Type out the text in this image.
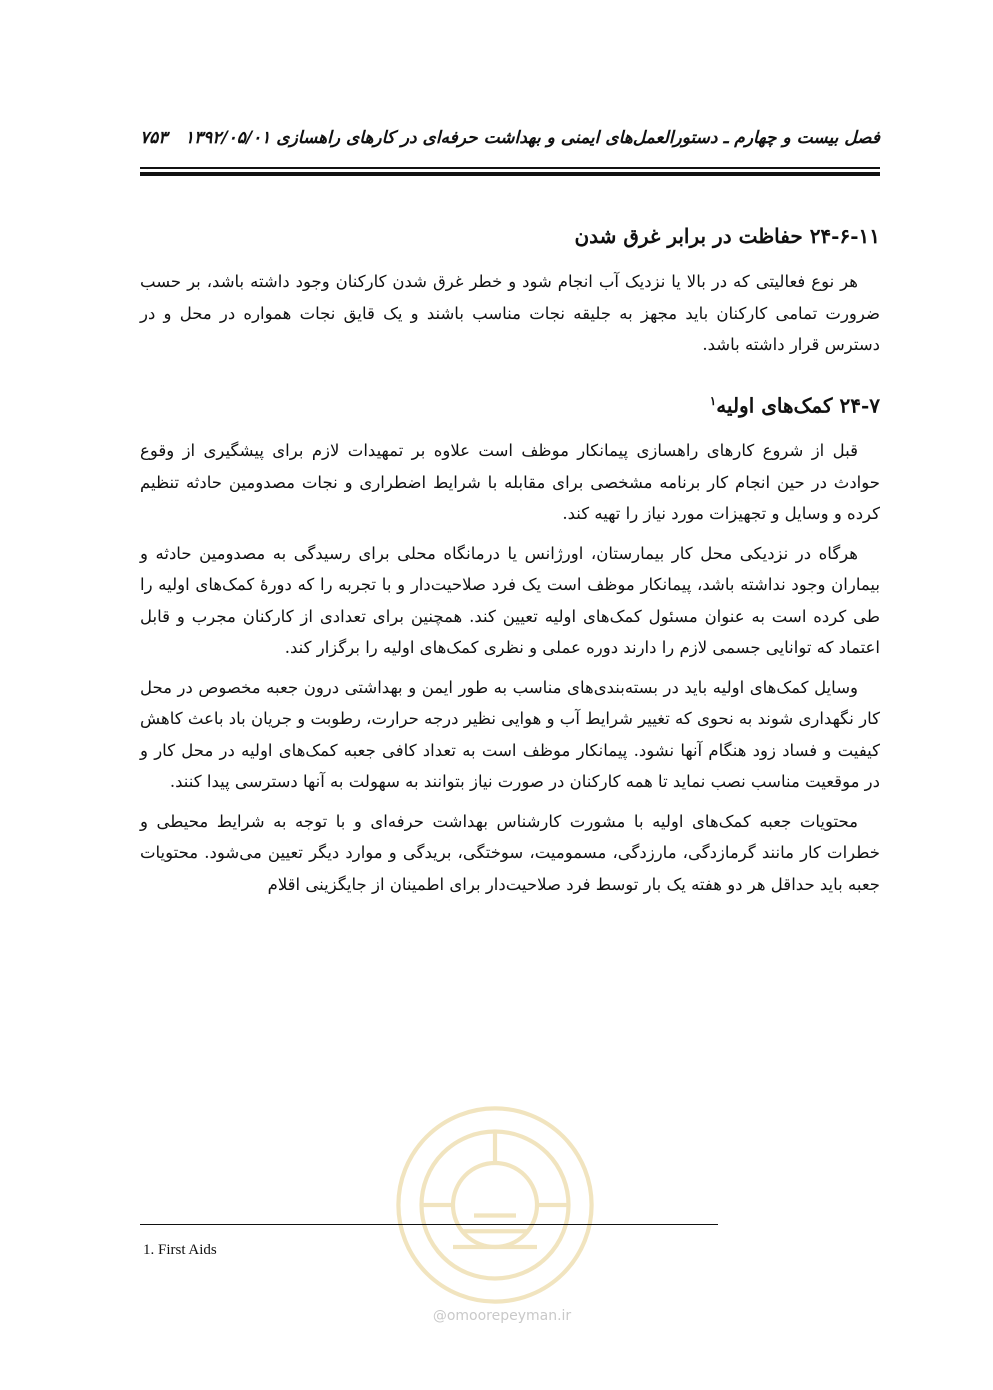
فصل بیست و چهارم ـ دستورالعمل‌های ایمنی و بهداشت حرفه‌ای در کارهای راهسازی ۱۳۹۲/۰۵/۰۱
۷۵۳
۲۴-۶-۱۱ حفاظت در برابر غرق شدن

هر نوع فعالیتی که در بالا یا نزدیک آب انجام شود و خطر غرق شدن کارکنان وجود داشته باشد، بر حسب ضرورت تمامی کارکنان باید مجهز به جلیقه نجات مناسب باشند و یک قایق نجات همواره در محل و در دسترس قرار داشته باشد.

۲۴-۷ کمک‌های اولیه$^۱$

قبل از شروع کارهای راهسازی پیمانکار موظف است علاوه بر تمهیدات لازم برای پیشگیری از وقوع حوادث در حین انجام کار برنامه مشخصی برای مقابله با شرایط اضطراری و نجات مصدومین حادثه تنظیم کرده و وسایل و تجهیزات مورد نیاز را تهیه کند.

هرگاه در نزدیکی محل کار بیمارستان، اورژانس یا درمانگاه محلی برای رسیدگی به مصدومین حادثه و بیماران وجود نداشته باشد، پیمانکار موظف است یک فرد صلاحیت‌دار و با تجربه را که دورهٔ کمک‌های اولیه را طی کرده است به عنوان مسئول کمک‌های اولیه تعیین کند. همچنین برای تعدادی از کارکنان مجرب و قابل اعتماد که توانایی جسمی لازم را دارند دوره عملی و نظری کمک‌های اولیه را برگزار کند.

وسایل کمک‌های اولیه باید در بسته‌بندی‌های مناسب به طور ایمن و بهداشتی درون جعبه مخصوص در محل کار نگهداری شوند به نحوی که تغییر شرایط آب و هوایی نظیر درجه حرارت، رطوبت و جریان باد باعث کاهش کیفیت و فساد زود هنگام آنها نشود. پیمانکار موظف است به تعداد کافی جعبه کمک‌های اولیه در محل کار و در موقعیت مناسب نصب نماید تا همه کارکنان در صورت نیاز بتوانند به سهولت به آنها دسترسی پیدا کنند.

محتویات جعبه کمک‌های اولیه با مشورت کارشناس بهداشت حرفه‌ای و با توجه به شرایط محیطی و خطرات کار مانند گرمازدگی، مارزدگی، مسمومیت، سوختگی، بریدگی و موارد دیگر تعیین می‌شود. محتویات جعبه باید حداقل هر دو هفته یک بار توسط فرد صلاحیت‌دار برای اطمینان از جایگزینی اقلام

@omoorepeyman.ir
1. First Aids
